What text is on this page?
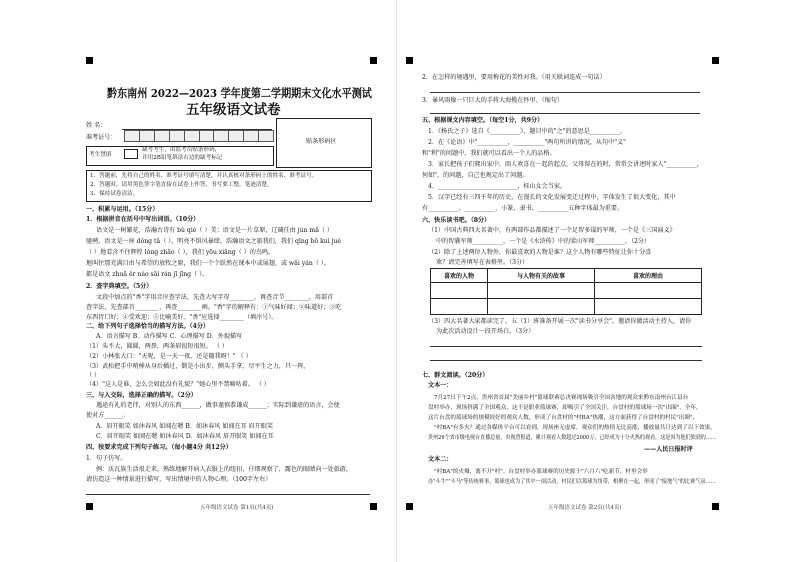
黔东南州 2022—2023 学年度第二学期期末文化水平测试
五年级语文试卷
姓 名：
准考证号：
贴条形码区
考生禁填
缺考考生，由监考员贴条形码，
并用2B铅笔填涂右边的缺考标记
1．答题前，先将自己的姓名、准考证号填写清楚，并认真核对条形码上的姓名、准考证号。
2．答题时，请用黑色签字笔直接在试卷上作答，书写要工整，笔迹清楚。
3．保持试卷清洁。
一、积累与运用。（15分）
1．根据拼音在括号中写出词语。（10分）
语文是一树繁花，浩瀚古诗有 bù qiè（ ）美；语文是一片草原，辽阔任由 jùn mǎ（ ）
驰骋。语文是一座 dǒng tǎ（ ），明亮不惧风暴肆，浩瀚语文之旅我们，我们 qīng bō kuì jué
（ ）地看含不住辉煌 lǒng zhāo（ ），我们 yōu xiāng（ ）的鸟鸣，
地叫住那充满目由与希望的放牧之原，我们一个个跃然在课本中或展翅，或 wǎi yán（ ），
都是语文 zhuā ěr náo sāi rán jī jīng（ ）。
2．查字典填空。（5分）
文段中加点的"香"字用音序查字法，先查大写字母________，再查音节________，用部首
查字法，先查部首________，再查________画。"香"字的解释有：①气味好闻；②味道好；③吃
东西胃口好；④受欢迎；⑤比喻美好。"香"应选择________（填序号）。
二、给下列句子选择恰当的描写方法。（4分）
A．语言描写 B．动作描写 C．心理描写 D．外貌描写
（1）头不大，圆圆，两鼻，两条眉很短很短。 （ ）
（2）小林张大口："天呢，是一天一夜，还是随我呀！" （ ）
（3）武松把手中哨棒从身后插过，倒是小出步，侧头手拿，尽平生之力，只一挥，
（ ）
（4）"这人是谁，怎么会如此没有礼貌？"她心里不禁嘀咕着。 （ ）
三、与人交际，选择正确的描写。（2分）
遇途有礼的老伴，对别人的东西______，做事谨慎恭谦成______；实际到谦虚的语言，会使
使对方______。
A．眉开眼笑 如沐春风 如闻在嗯 B．如沐春风 如闻在耳 眉开眼笑
C．眉开眼笑 如闻在嗯 如沐春风 D．如沐春风 眉开眼笑 如闻在耳
四、按要求完成下列句子练习。（每小题4分 共12分）
1．句子仿写。
例：沃瓦族生活很走来，熟练地解开病人衣服上的纽扣，仔细观察了，露色的眼睛向一处旅游，
请仿造这一种情景进行描写，写出情境中的人物心理。（100字左右）
五年级语文试卷 第1页(共4页)
2．在怎样的境遇里，要用梅花的美性对我。（用关联词连成一句话）
3．暴风雨像一只巨大的手将大海揽在怀里。（缩句）
五、根据课文内容填空。（每空1分，共9分）
1．《杨氏之子》选自《__________》，题目中的"之"的意思是__________。
2．在《论语》中"__________，__________"两句所讲的情况，从句中"义"
和"利"的问题中，我们就可以看出一个人的品格。
3．家长把孩子们爬出家中，雨人欢喜在一起的起点，父母留在的时，常常会讲述时家人"__________，
何如"，的问题，自己也规定出了问题。
4．__________________________，桂山女会当家。
5．汉字已经有三四千年的历史，在漫长的文化发展变迁过程中，字体发生了很大变化，其中
有__________、__________，小篆、隶书、__________五种字体最为重要。
六、快乐读书吧。（8分）
（1）中国古典四大名著中，有两部作品都描述了一个足智多谋的军师，一个是《三国演义》
中的智囊军师__________，一个是《水浒传》中的梁山军师__________。（2分）
（2）除了上述两位人物外，你最喜欢的人物是谁？这个人物有哪些特征让你十分喜
欢？请完善填写在表格里。（3分）
喜欢的人物	与人物有关的故事	喜欢的理由

（3）四大名著大家都读完了，五（1）班准备开展一次"读书分享会"，邀请你做活动主持人，请你
为此次活动设计一段开场白。（3分）
七、群文阅读。（20分）
文本一：
7月27日下午2点，贵州省首届"美丽乡村"篮球联赛总决赛现场吸引全国各地的观众来黔东南州台江县台
盘村举办，现场挤满了全国观众，这不是职业篮球赛，却吸引了全国关注，台盘村的篮球场一次"出圈"，全年，
这片台盘的篮球场的规模较好的观众人数，形成了台盘村的"村BA"热潮，这方面获得了台盘村的村民"出圈"，
"村BA"有多火？通过各媒体平台可以看到，现场座无虚席，观众们的热情无比高涨，播放量共计达到了以下效果，
贵州26个省市级电视台直播总量，央视曾报道，累计观看人数超过2000万，已经成为十分火热的观看，这是因为他们独到的……
——人民日报时评
文本二：
"村BA"的火爆，离不开"村"。台盘村举办篮球赛的历史源于"六月六"吃新节，村里会举
办"斗牛""斗马"等传统赛事，篮球也成为了其中一项活动，村民们以篮球为纽带，相聚在一起，形成了"接地气"的比赛气氛……
五年级语文试卷 第2页(共4页)
